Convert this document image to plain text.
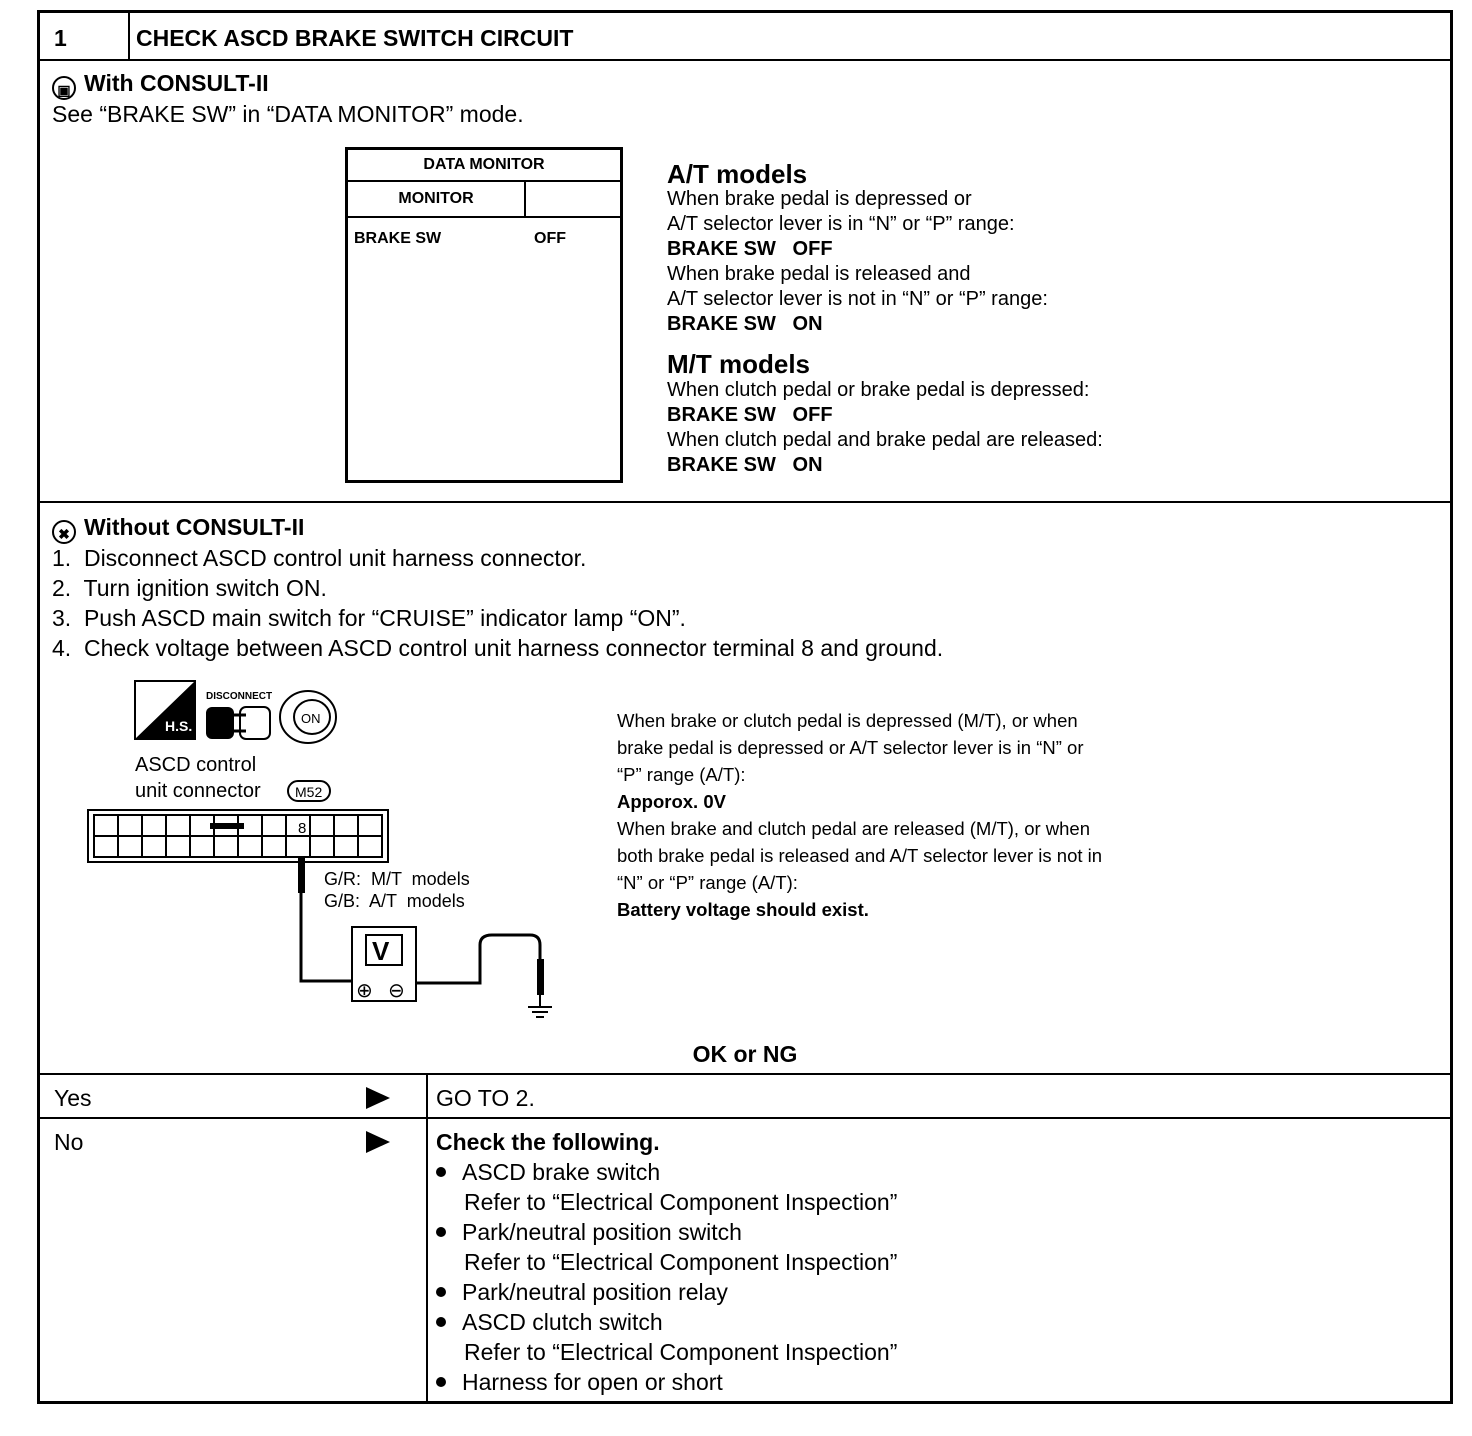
1	CHECK ASCD BRAKE SWITCH CIRCUIT
▣ With CONSULT-II
See “BRAKE SW” in “DATA MONITOR” mode.
DATA MONITOR
MONITOR
BRAKE SW	OFF
A/T models
When brake pedal is depressed or
A/T selector lever is in “N” or “P” range:
BRAKE SW   OFF
When brake pedal is released and
A/T selector lever is not in “N” or “P” range:
BRAKE SW   ON
M/T models
When clutch pedal or brake pedal is depressed:
BRAKE SW   OFF
When clutch pedal and brake pedal are released:
BRAKE SW   ON
✖ Without CONSULT-II
1.  Disconnect ASCD control unit harness connector.
2.  Turn ignition switch ON.
3.  Push ASCD main switch for “CRUISE” indicator lamp “ON”.
4.  Check voltage between ASCD control unit harness connector terminal 8 and ground.
H.S.
DISCONNECT
ON
ASCD control
unit connector M52
8
G/R:  M/T  models
G/B:  A/T  models
V
⊕ ⊖
When brake or clutch pedal is depressed (M/T), or when
brake pedal is depressed or A/T selector lever is in “N” or
“P” range (A/T):
Apporox. 0V
When brake and clutch pedal are released (M/T), or when
both brake pedal is released and A/T selector lever is not in
“N” or “P” range (A/T):
Battery voltage should exist.
OK or NG
Yes	GO TO 2.
No	Check the following.
ASCD brake switch
Refer to “Electrical Component Inspection”
Park/neutral position switch
Refer to “Electrical Component Inspection”
Park/neutral position relay
ASCD clutch switch
Refer to “Electrical Component Inspection”
Harness for open or short
